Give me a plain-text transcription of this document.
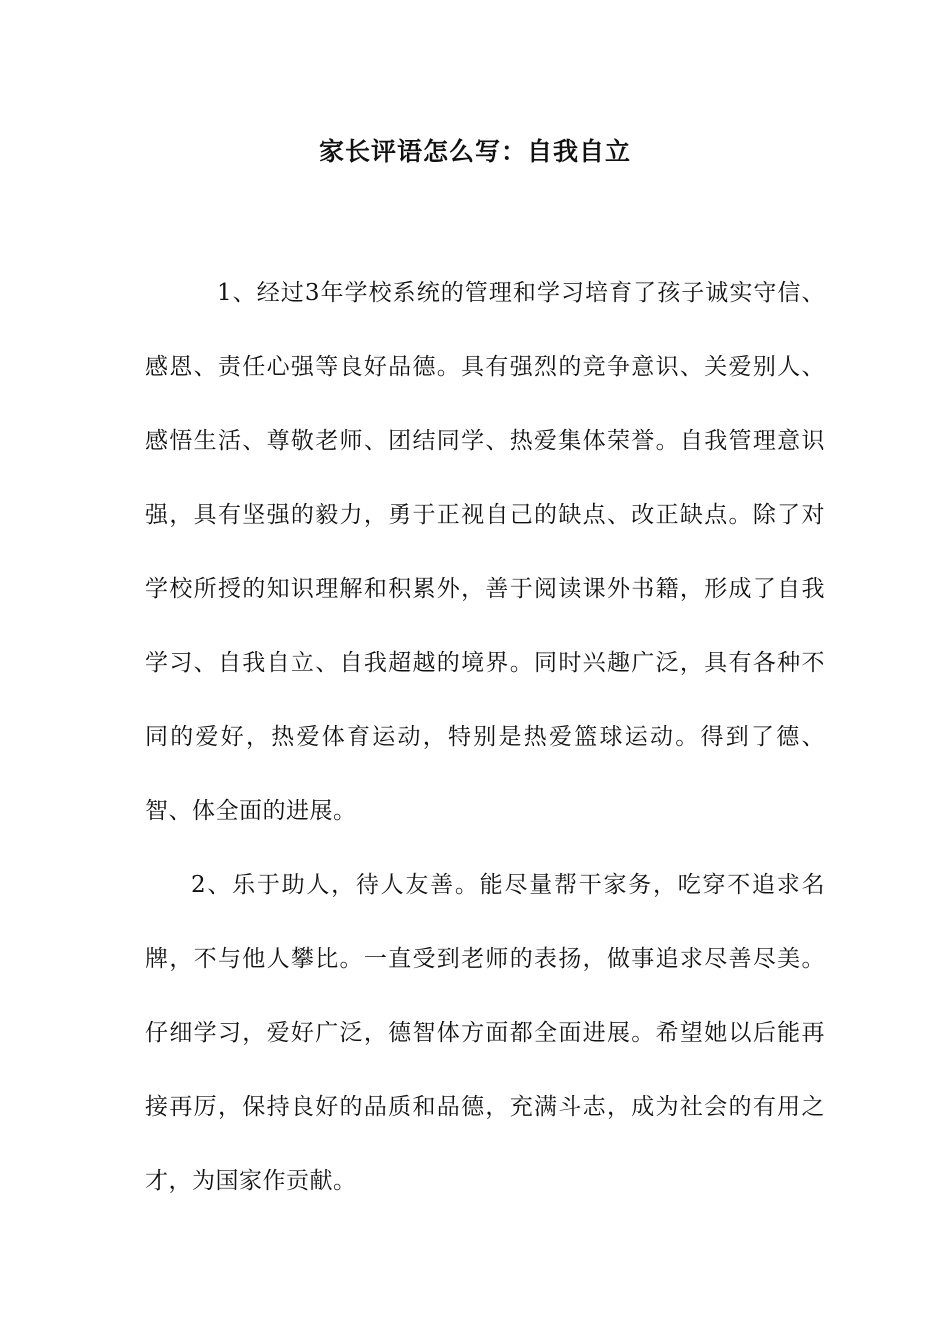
家长评语怎么写：自我自立

1、经过3年学校系统的管理和学习培育了孩子诚实守信、感恩、责任心强等良好品德。具有强烈的竞争意识、关爱别人、感悟生活、尊敬老师、团结同学、热爱集体荣誉。自我管理意识强，具有坚强的毅力，勇于正视自己的缺点、改正缺点。除了对学校所授的知识理解和积累外，善于阅读课外书籍，形成了自我学习、自我自立、自我超越的境界。同时兴趣广泛，具有各种不同的爱好，热爱体育运动，特别是热爱篮球运动。得到了德、智、体全面的进展。

2、乐于助人，待人友善。能尽量帮干家务，吃穿不追求名牌，不与他人攀比。一直受到老师的表扬，做事追求尽善尽美。仔细学习，爱好广泛，德智体方面都全面进展。希望她以后能再接再厉，保持良好的品质和品德，充满斗志，成为社会的有用之才，为国家作贡献。
